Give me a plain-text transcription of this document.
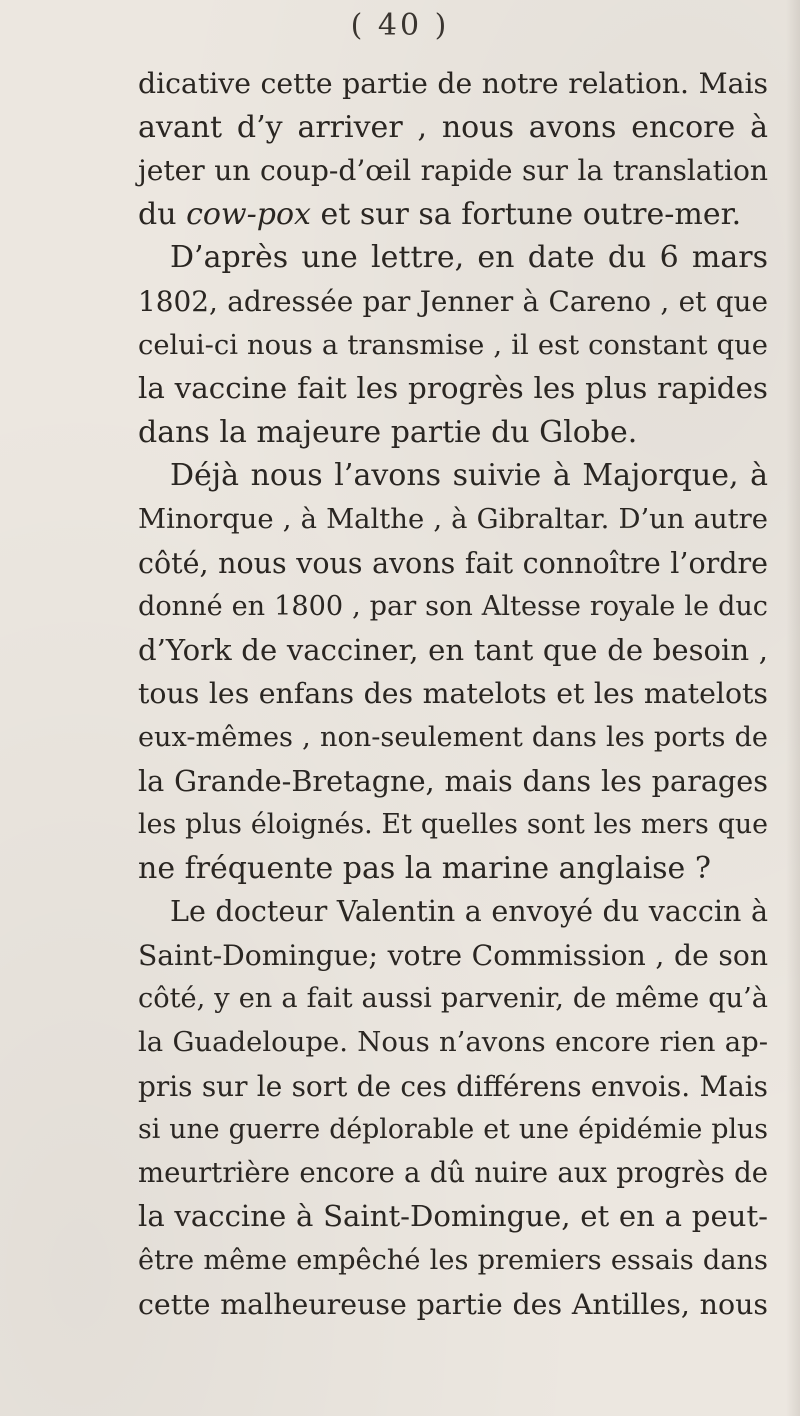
( 40 )
dicative cette partie de notre relation. Mais
avant d’y arriver , nous avons encore à
jeter un coup-d’œil rapide sur la translation
du cow-pox et sur sa fortune outre-mer.
D’après une lettre, en date du 6 mars
1802, adressée par Jenner à Careno , et que
celui-ci nous a transmise , il est constant que
la vaccine fait les progrès les plus rapides
dans la majeure partie du Globe.
Déjà nous l’avons suivie à Majorque, à
Minorque , à Malthe , à Gibraltar. D’un autre
côté, nous vous avons fait connoître l’ordre
donné en 1800 , par son Altesse royale le duc
d’York de vacciner, en tant que de besoin ,
tous les enfans des matelots et les matelots
eux-mêmes , non-seulement dans les ports de
la Grande-Bretagne, mais dans les parages
les plus éloignés. Et quelles sont les mers que
ne fréquente pas la marine anglaise ?
Le docteur Valentin a envoyé du vaccin à
Saint-Domingue; votre Commission , de son
côté, y en a fait aussi parvenir, de même qu’à
la Guadeloupe. Nous n’avons encore rien ap-
pris sur le sort de ces différens envois. Mais
si une guerre déplorable et une épidémie plus
meurtrière encore a dû nuire aux progrès de
la vaccine à Saint-Domingue, et en a peut-
être même empêché les premiers essais dans
cette malheureuse partie des Antilles, nous
